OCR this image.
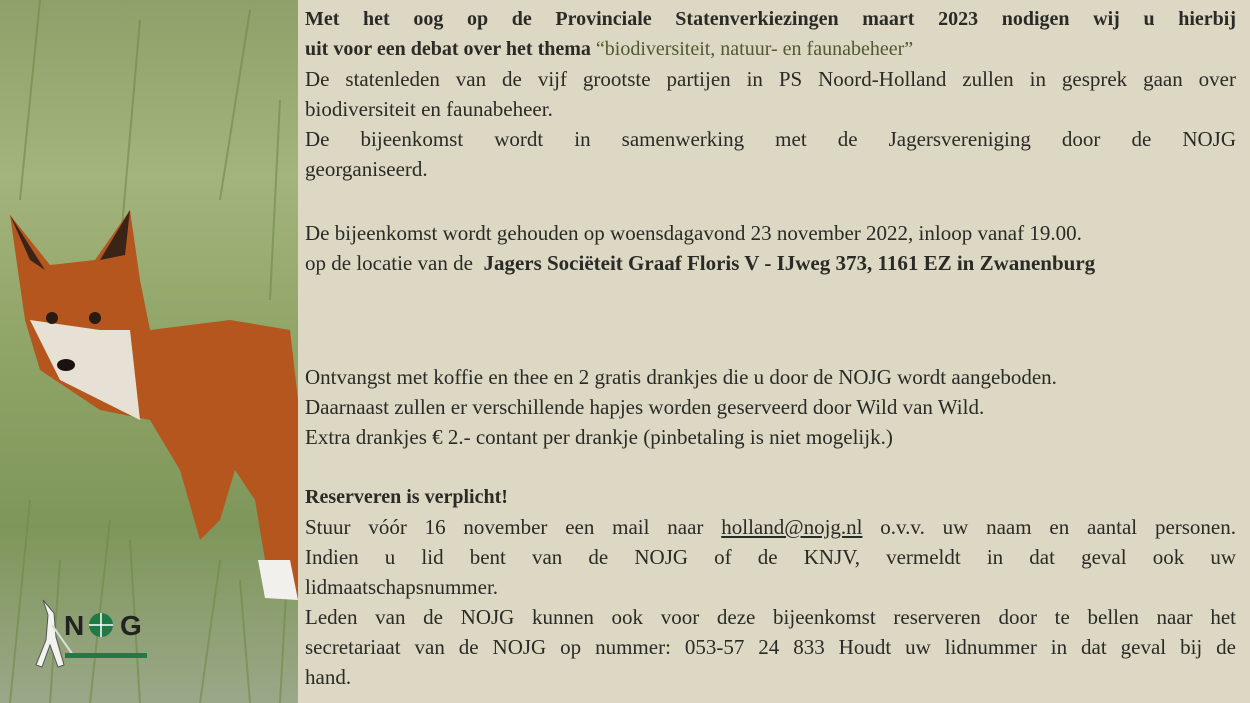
N G
Met het oog op de Provinciale Statenverkiezingen maart 2023 nodigen wij u hierbij
uit voor een debat over het thema “biodiversiteit, natuur- en faunabeheer”
De statenleden van de vijf grootste partijen in PS Noord-Holland zullen in gesprek gaan over
biodiversiteit en faunabeheer.
De bijeenkomst wordt in samenwerking met de Jagersvereniging door de NOJG
georganiseerd.
De bijeenkomst wordt gehouden op woensdagavond 23 november 2022, inloop vanaf 19.00.
op de locatie van de Jagers Sociëteit Graaf Floris V - IJweg 373, 1161 EZ in Zwanenburg
Ontvangst met koffie en thee en 2 gratis drankjes die u door de NOJG wordt aangeboden.
Daarnaast zullen er verschillende hapjes worden geserveerd door Wild van Wild.
Extra drankjes € 2.- contant per drankje (pinbetaling is niet mogelijk.)
Reserveren is verplicht!
Stuur vóór 16 november een mail naar holland@nojg.nl o.v.v. uw naam en aantal personen.
Indien u lid bent van de NOJG of de KNJV, vermeldt in dat geval ook uw
lidmaatschapsnummer.
Leden van de NOJG kunnen ook voor deze bijeenkomst reserveren door te bellen naar het
secretariaat van de NOJG op nummer: 053-57 24 833 Houdt uw lidnummer in dat geval bij de
hand.
